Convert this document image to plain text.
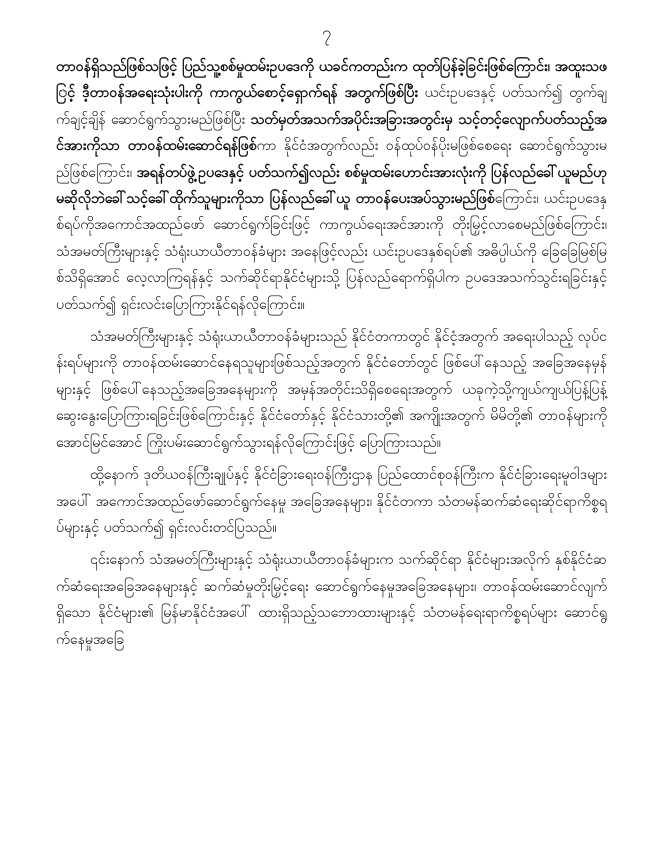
၇

တာဝန်ရှိသည်ဖြစ်သဖြင့် ပြည်သူ့စစ်မှုထမ်းဥပဒေကို ယခင်ကတည်းက ထုတ်ပြန်ခဲ့ခြင်းဖြစ်ကြောင်း၊ အထူးသဖြင့် ဒီ့တာဝန်အရေးသုံးပါးကို ကာကွယ်စောင့်ရှောက်ရန် အတွက်ဖြစ်ပြီး ယင်းဥပဒေနှင့် ပတ်သက်၍ တွက်ချက်ချင့်ချိန် ဆောင်ရွက်သွားမည်ဖြစ်ပြီး သတ်မှတ်အသက်အပိုင်းအခြားအတွင်းမှ သင့်တင့်လျောက်ပတ်သည့်အင်အားကိုသာ တာဝန်ထမ်းဆောင်ရန်ဖြစ်ကာ နိုင်ငံအတွက်လည်း ဝန်ထုပ်ဝန်ပိုးမဖြစ်စေရေး ဆောင်ရွက်သွားမည်ဖြစ်ကြောင်း၊ အရန်တပ်ဖွဲ့ဥပဒေနှင့် ပတ်သက်၍လည်း စစ်မှုထမ်းဟောင်းအားလုံးကို ပြန်လည်ခေါ်ယူမည်ဟု မဆိုလိုဘဲခေါ်သင့်ခေါ်ထိုက်သူများကိုသာ ပြန်လည်ခေါ်ယူ တာဝန်ပေးအပ်သွားမည်ဖြစ်ကြောင်း၊ ယင်းဥပဒေနှစ်ရပ်ကိုအကောင်အထည်ဖော် ဆောင်ရွက်ခြင်းဖြင့် ကာကွယ်ရေးအင်အားကို တိုးမြှင့်လာစေမည်ဖြစ်ကြောင်း၊ သံအမတ်ကြီးများနှင့် သံရုံးယာယီတာဝန်ခံများ အနေဖြင့်လည်း ယင်းဥပဒေနှစ်ရပ်၏ အဓိပ္ပါယ်ကို ခြေခြေမြစ်မြစ်သိရှိအောင် လေ့လာကြရန်နှင့် သက်ဆိုင်ရာနိုင်ငံများသို့ ပြန်လည်ရောက်ရှိပါက ဥပဒေအသက်သွင်းရခြင်းနှင့်ပတ်သက်၍ ရှင်းလင်းပြောကြားနိုင်ရန်လိုကြောင်း။

သံအမတ်ကြီးများနှင့် သံရုံးယာယီတာဝန်ခံများသည် နိုင်ငံတကာတွင် နိုင်ငံ့အတွက် အရေးပါသည့် လုပ်ငန်းရပ်များကို တာဝန်ထမ်းဆောင်နေရသူများဖြစ်သည့်အတွက် နိုင်ငံတော်တွင် ဖြစ်ပေါ်နေသည့် အခြေအနေမှန်များနှင့် ဖြစ်ပေါ်နေသည့်အခြေအနေများကို အမှန်အတိုင်းသိရှိစေရေးအတွက် ယခုကဲ့သို့ကျယ်ကျယ်ပြန့်ပြန့် ဆွေးနွေးပြောကြားရခြင်းဖြစ်ကြောင်းနှင့် နိုင်ငံတော်နှင့် နိုင်ငံသားတို့၏ အကျိုးအတွက် မိမိတို့၏ တာဝန်များကို အောင်မြင်အောင် ကြိုးပမ်းဆောင်ရွက်သွားရန်လိုကြောင်းဖြင့် ပြောကြားသည်။

ထို့နောက် ဒုတိယဝန်ကြီးချုပ်နှင့် နိုင်ငံခြားရေးဝန်ကြီးဌာန ပြည်ထောင်စုဝန်ကြီးက နိုင်ငံခြားရေးမူဝါဒများအပေါ် အကောင်အထည်ဖော်ဆောင်ရွက်နေမှု အခြေအနေများ၊ နိုင်ငံတကာ သံတမန်ဆက်ဆံရေးဆိုင်ရာကိစ္စရပ်များနှင့် ပတ်သက်၍ ရှင်းလင်းတင်ပြသည်။

၎င်းနောက် သံအမတ်ကြီးများနှင့် သံရုံးယာယီတာဝန်ခံများက သက်ဆိုင်ရာ နိုင်ငံများအလိုက် နှစ်နိုင်ငံဆက်ဆံရေးအခြေအနေများနှင့် ဆက်ဆံမှုတိုးမြှင့်ရေး ဆောင်ရွက်နေမှုအခြေအနေများ၊ တာဝန်ထမ်းဆောင်လျက်ရှိသော နိုင်ငံများ၏ မြန်မာနိုင်ငံအပေါ် ထားရှိသည့်သဘောထားများနှင့် သံတမန်ရေးရာကိစ္စရပ်များ ဆောင်ရွက်နေမှုအခြေ
